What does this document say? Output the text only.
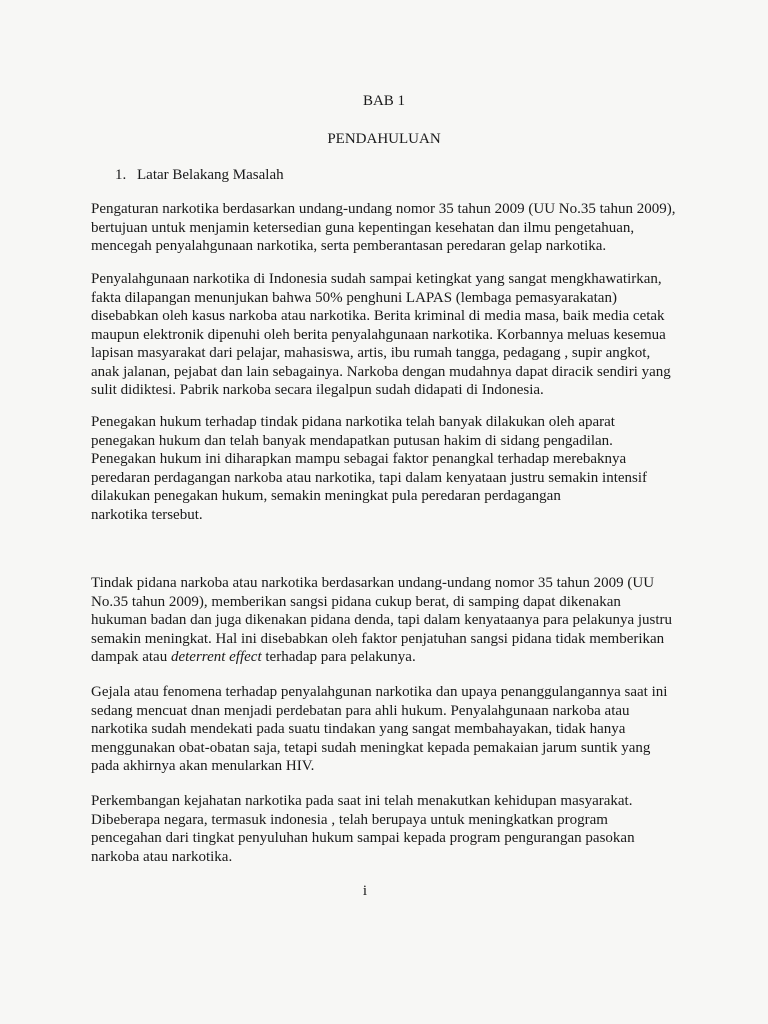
BAB 1
PENDAHULUAN
1. Latar Belakang Masalah
Pengaturan narkotika berdasarkan undang-undang nomor 35 tahun 2009 (UU No.35 tahun 2009),
bertujuan untuk menjamin ketersedian guna kepentingan kesehatan dan ilmu pengetahuan,
mencegah penyalahgunaan narkotika, serta pemberantasan peredaran gelap narkotika.
Penyalahgunaan narkotika di Indonesia sudah sampai ketingkat yang sangat mengkhawatirkan,
fakta dilapangan menunjukan bahwa 50% penghuni LAPAS (lembaga pemasyarakatan)
disebabkan oleh kasus narkoba atau narkotika. Berita kriminal di media masa, baik media cetak
maupun elektronik dipenuhi oleh berita penyalahgunaan narkotika. Korbannya meluas kesemua
lapisan masyarakat dari pelajar, mahasiswa, artis, ibu rumah tangga, pedagang , supir angkot,
anak jalanan, pejabat dan lain sebagainya. Narkoba dengan mudahnya dapat diracik sendiri yang
sulit didiktesi. Pabrik narkoba secara ilegalpun sudah didapati di Indonesia.
Penegakan hukum terhadap tindak pidana narkotika telah banyak dilakukan oleh aparat
penegakan hukum dan telah banyak mendapatkan putusan hakim di sidang pengadilan.
Penegakan hukum ini diharapkan mampu sebagai faktor penangkal terhadap merebaknya
peredaran perdagangan narkoba atau narkotika, tapi dalam kenyataan justru semakin intensif
dilakukan penegakan hukum, semakin meningkat pula peredaran perdagangan
narkotika tersebut.
Tindak pidana narkoba atau narkotika berdasarkan undang-undang nomor 35 tahun 2009 (UU
No.35 tahun 2009), memberikan sangsi pidana cukup berat, di samping dapat dikenakan
hukuman badan dan juga dikenakan pidana denda, tapi dalam kenyataanya para pelakunya justru
semakin meningkat. Hal ini disebabkan oleh faktor penjatuhan sangsi pidana tidak memberikan
dampak atau deterrent effect terhadap para pelakunya.
Gejala atau fenomena terhadap penyalahgunan narkotika dan upaya penanggulangannya saat ini
sedang mencuat dnan menjadi perdebatan para ahli hukum. Penyalahgunaan narkoba atau
narkotika sudah mendekati pada suatu tindakan yang sangat membahayakan, tidak hanya
menggunakan obat-obatan saja, tetapi sudah meningkat kepada pemakaian jarum suntik yang
pada akhirnya akan menularkan HIV.
Perkembangan kejahatan narkotika pada saat ini telah menakutkan kehidupan masyarakat.
Dibeberapa negara, termasuk indonesia , telah berupaya untuk meningkatkan program
pencegahan dari tingkat penyuluhan hukum sampai kepada program pengurangan pasokan
narkoba atau narkotika.
i
